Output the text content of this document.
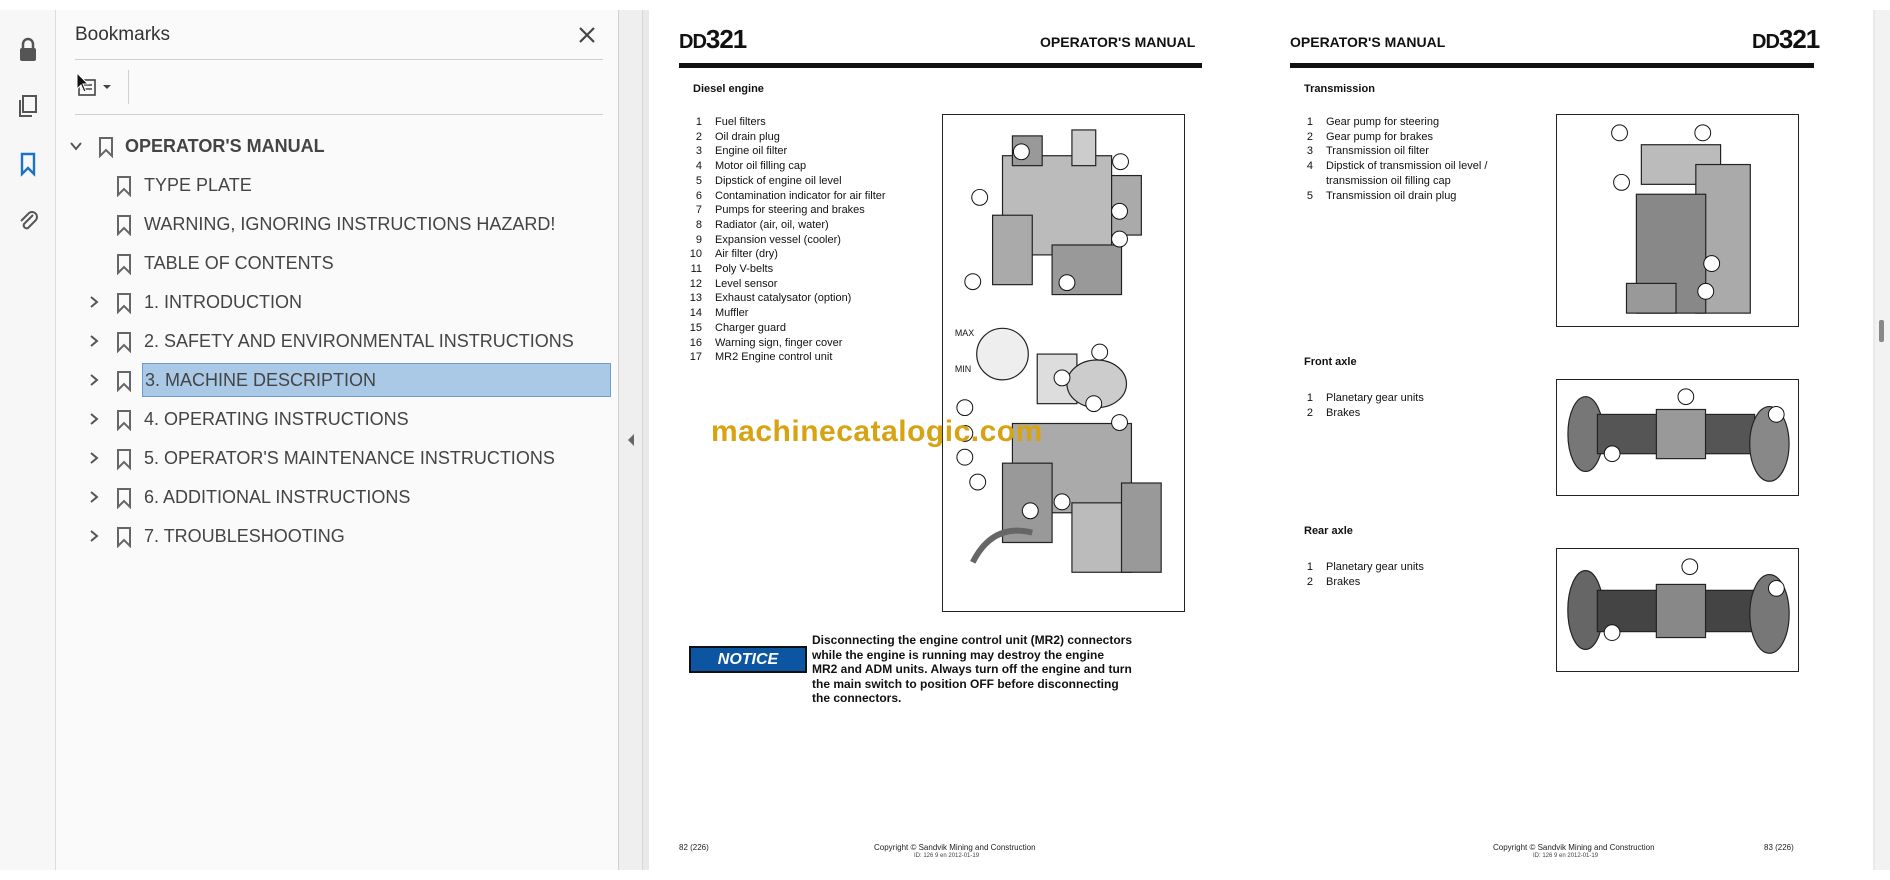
Bookmarks
OPERATOR'S MANUAL
TYPE PLATE
WARNING, IGNORING INSTRUCTIONS HAZARD!
TABLE OF CONTENTS
1. INTRODUCTION
2. SAFETY AND ENVIRONMENTAL INSTRUCTIONS
3. MACHINE DESCRIPTION
4. OPERATING INSTRUCTIONS
5. OPERATOR'S MAINTENANCE INSTRUCTIONS
6. ADDITIONAL INSTRUCTIONS
7. TROUBLESHOOTING
DD321	OPERATOR'S MANUAL
Diesel engine
1	Fuel filters
2	Oil drain plug
3	Engine oil filter
4	Motor oil filling cap
5	Dipstick of engine oil level
6	Contamination indicator for air filter
7	Pumps for steering and brakes
8	Radiator (air, oil, water)
9	Expansion vessel (cooler)
10	Air filter (dry)
11	Poly V-belts
12	Level sensor
13	Exhaust catalysator (option)
14	Muffler
15	Charger guard
16	Warning sign, finger cover
17	MR2 Engine control unit
MAX
MIN
machinecatalogic.com
NOTICE
Disconnecting the engine control unit (MR2) connectors while the engine is running may destroy the engine MR2 and ADM units. Always turn off the engine and turn the main switch to position OFF before disconnecting the connectors.
82 (226)	Copyright © Sandvik Mining and Construction
ID: 126 9 en 2012-01-19
OPERATOR'S MANUAL	DD321
Transmission
1	Gear pump for steering
2	Gear pump for brakes
3	Transmission oil filter
4	Dipstick of transmission oil level / transmission oil filling cap
5	Transmission oil drain plug
Front axle
1	Planetary gear units
2	Brakes
Rear axle
1	Planetary gear units
2	Brakes
Copyright © Sandvik Mining and Construction
ID: 126 9 en 2012-01-19
83 (226)
